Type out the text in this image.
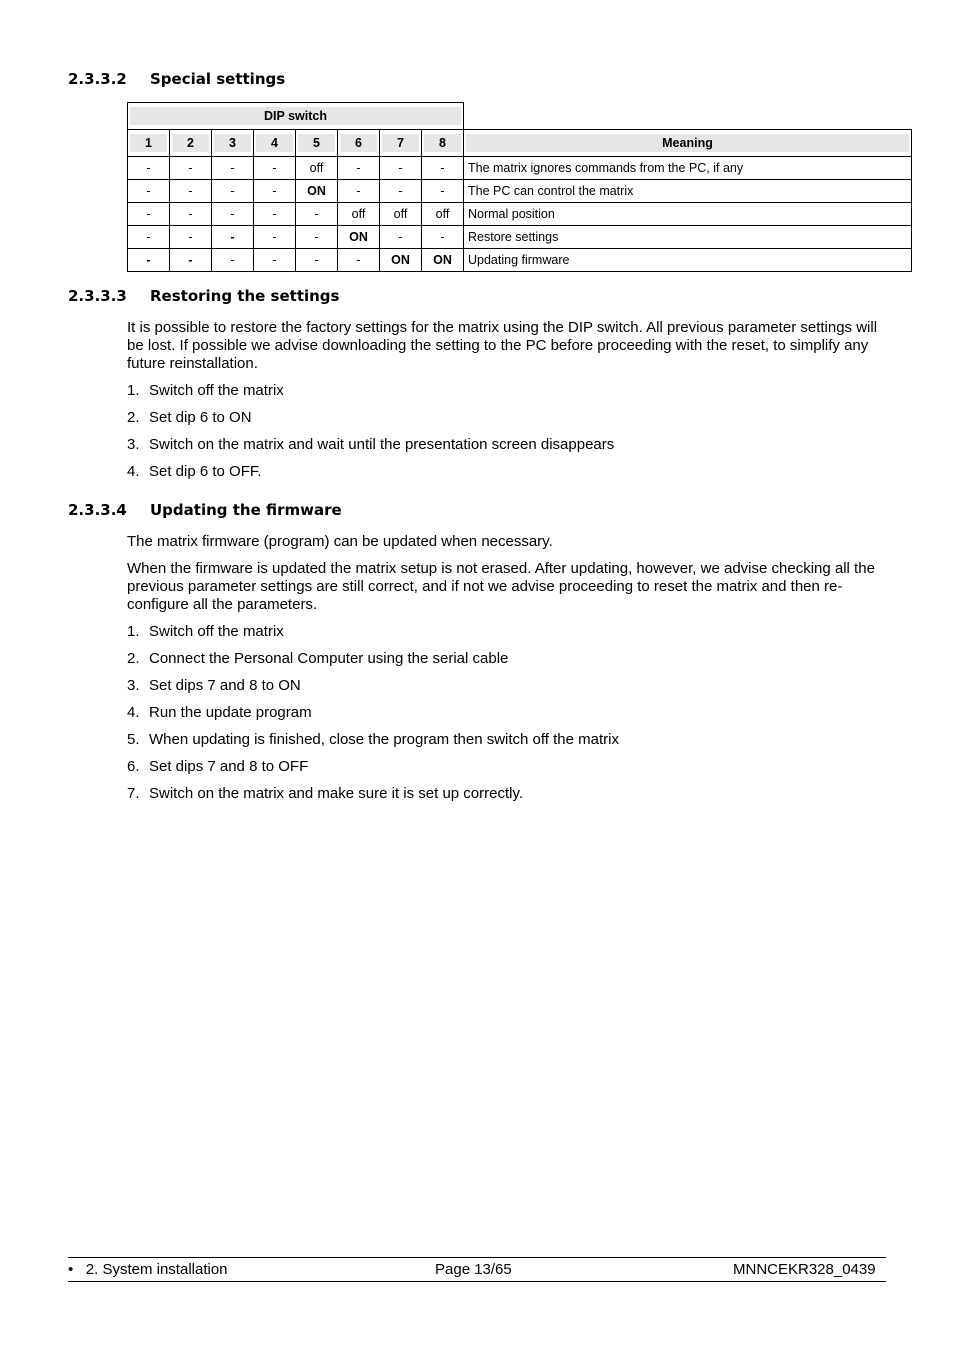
2.3.3.2 Special settings
DIP switch								

1	2	3	4	5	6	7	8	Meaning

-	-	-	-	off	-	-	-	The matrix ignores commands from the PC, if any
-	-	-	-	ON	-	-	-	The PC can control the matrix
-	-	-	-	-	off	off	off	Normal position
-	-	-	-	-	ON	-	-	Restore settings
-	-	-	-	-	-	ON	ON	Updating firmware
2.3.3.3 Restoring the settings

It is possible to restore the factory settings for the matrix using the DIP switch. All previous parameter settings will be lost. If possible we advise downloading the setting to the PC before proceeding with the reset, to simplify any future reinstallation.

1. Switch off the matrix
2. Set dip 6 to ON
3. Switch on the matrix and wait until the presentation screen disappears
4. Set dip 6 to OFF.
2.3.3.4 Updating the firmware

The matrix firmware (program) can be updated when necessary.

When the firmware is updated the matrix setup is not erased. After updating, however, we advise checking all the previous parameter settings are still correct, and if not we advise proceeding to reset the matrix and then re-configure all the parameters.

1. Switch off the matrix
2. Connect the Personal Computer using the serial cable
3. Set dips 7 and 8 to ON
4. Run the update program
5. When updating is finished, close the program then switch off the matrix
6. Set dips 7 and 8 to OFF
7. Switch on the matrix and make sure it is set up correctly.
• 2. System installation	Page 13/65	MNNCEKR328_0439
